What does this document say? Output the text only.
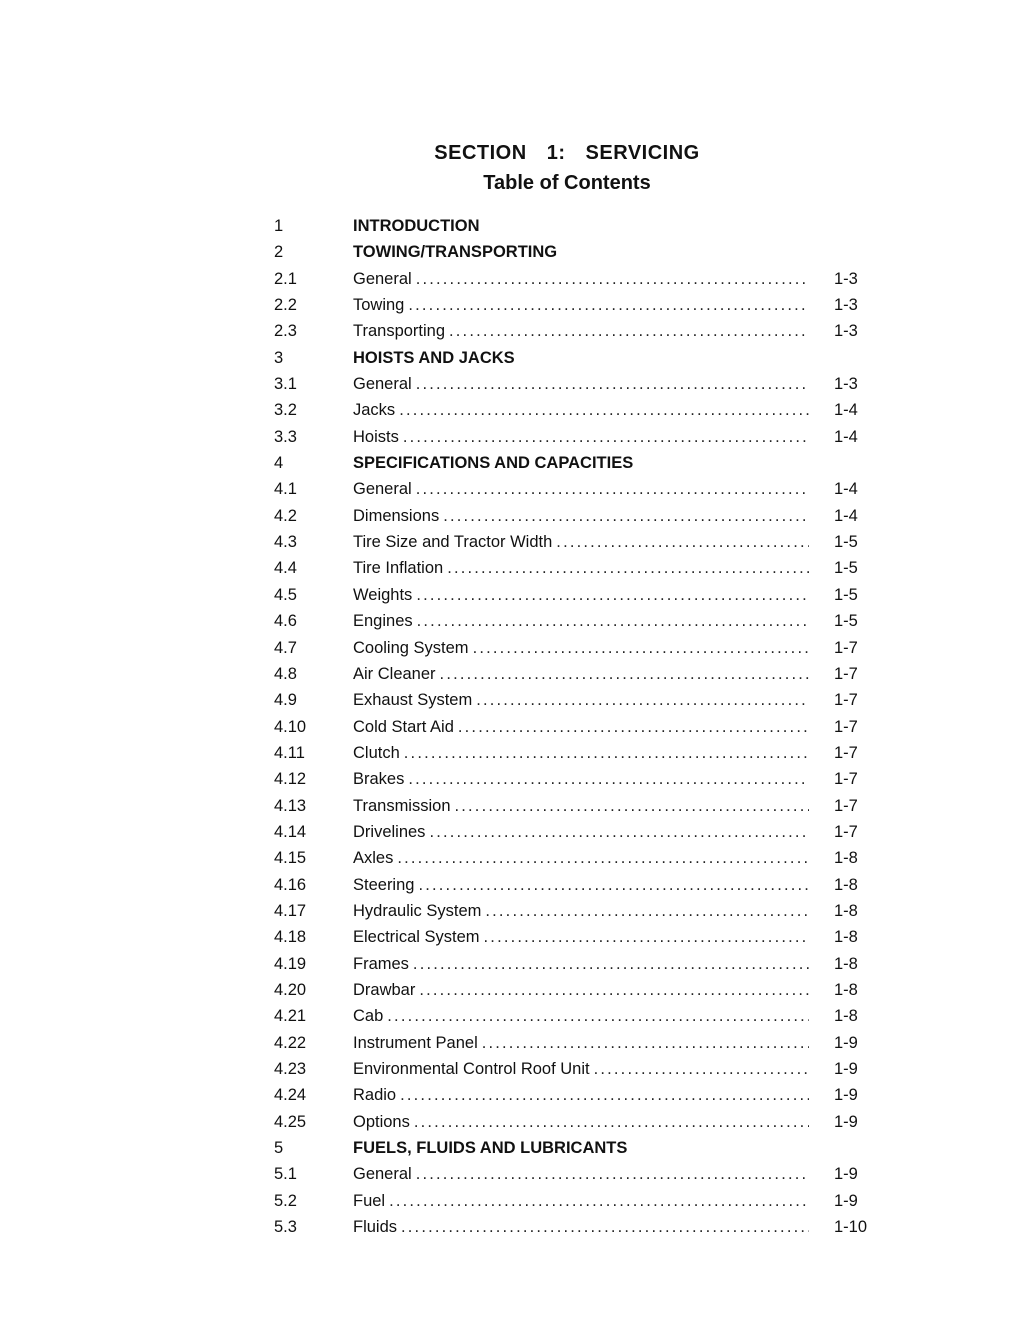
SECTION 1: SERVICING
Table of Contents
1	INTRODUCTION
2	TOWING/TRANSPORTING
2.1	General . . .	1-3
2.2	Towing . . .	1-3
2.3	Transporting . . .	1-3
3	HOISTS AND JACKS
3.1	General . . .	1-3
3.2	Jacks . . .	1-4
3.3	Hoists . . .	1-4
4	SPECIFICATIONS AND CAPACITIES
4.1	General . . .	1-4
4.2	Dimensions . . .	1-4
4.3	Tire Size and Tractor Width . . .	1-5
4.4	Tire Inflation . . .	1-5
4.5	Weights . . .	1-5
4.6	Engines . . .	1-5
4.7	Cooling System . . .	1-7
4.8	Air Cleaner . . .	1-7
4.9	Exhaust System . . .	1-7
4.10	Cold Start Aid . . .	1-7
4.11	Clutch . . .	1-7
4.12	Brakes . . .	1-7
4.13	Transmission . . .	1-7
4.14	Drivelines . . .	1-7
4.15	Axles . . .	1-8
4.16	Steering . . .	1-8
4.17	Hydraulic System . . .	1-8
4.18	Electrical System . . .	1-8
4.19	Frames . . .	1-8
4.20	Drawbar . . .	1-8
4.21	Cab . . .	1-8
4.22	Instrument Panel . . .	1-9
4.23	Environmental Control Roof Unit . . .	1-9
4.24	Radio . . .	1-9
4.25	Options . . .	1-9
5	FUELS, FLUIDS AND LUBRICANTS
5.1	General . . .	1-9
5.2	Fuel . . .	1-9
5.3	Fluids . . .	1-10
